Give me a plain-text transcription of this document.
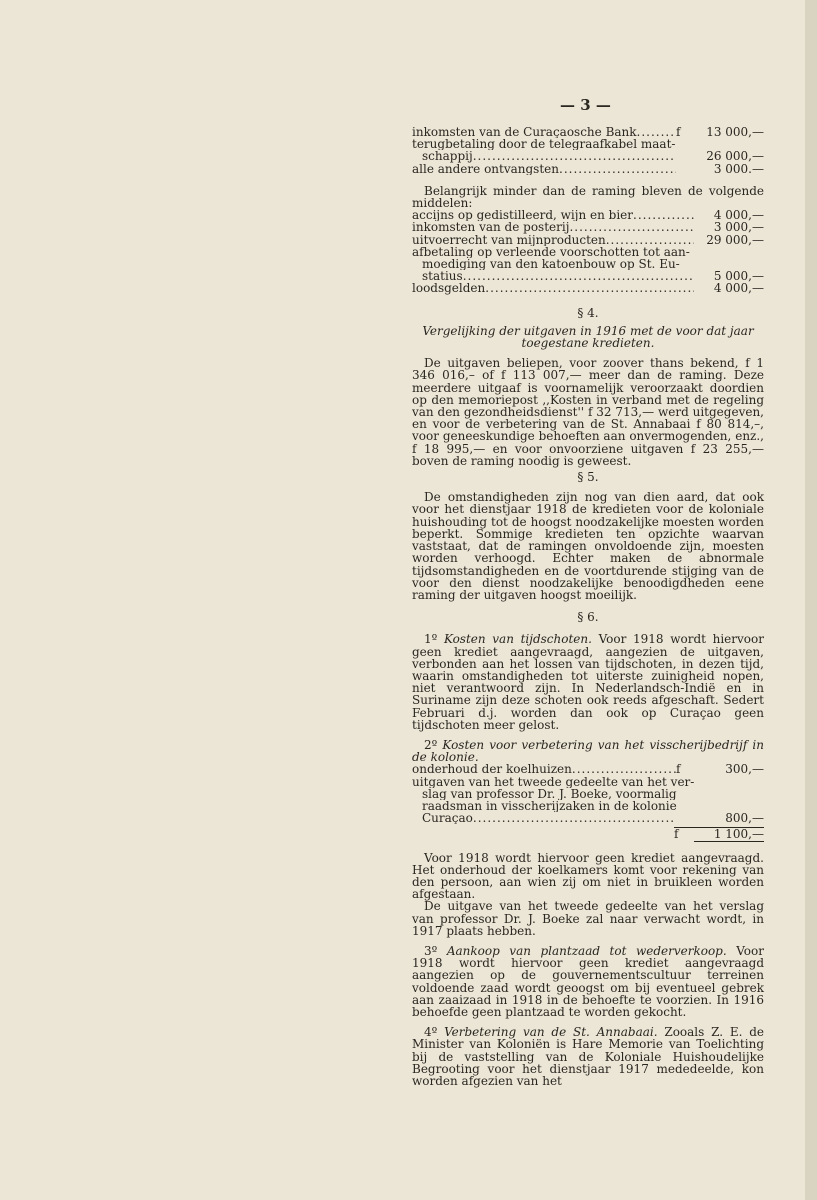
— 3 —
inkomsten van de Curaçaosche Bank .....	f	13 000,—
terugbetaling door de telegraafkabel maat-
schappij .....	26 000,—
alle andere ontvangsten .....	3 000.—

Belangrijk minder dan de raming bleven de volgende middelen:

accijns op gedistilleerd, wijn en bier .....	4 000,—
inkomsten van de posterij .....	3 000,—
uitvoerrecht van mijnproducten .....	29 000,—
afbetaling op verleende voorschotten tot aan-
moediging van den katoenbouw op St. Eu-
statius .....	5 000,—
loodsgelden .....	4 000,—
§ 4.
Vergelijking der uitgaven in 1916 met de voor dat jaar toegestane kredieten.

De uitgaven beliepen, voor zoover thans bekend, f 1 346 016,– of f 113 007,— meer dan de raming. Deze meerdere uitgaaf is voornamelijk veroorzaakt doordien op den memoriepost ,,Kosten in verband met de regeling van den gezondheidsdienst'' f 32 713,— werd uitgegeven, en voor de verbetering van de St. Annabaai f 80 814,–, voor geneeskundige behoeften aan onvermogenden, enz., f 18 995,— en voor onvoorziene uitgaven f 23 255,— boven de raming noodig is geweest.

§ 5.

De omstandigheden zijn nog van dien aard, dat ook voor het dienstjaar 1918 de kredieten voor de koloniale huishouding tot de hoogst noodzakelijke moesten worden beperkt. Sommige kredieten ten opzichte waarvan vaststaat, dat de ramingen onvoldoende zijn, moesten worden verhoogd. Echter maken de abnormale tijdsomstandigheden en de voortdurende stijging van de voor den dienst noodzakelijke benoodigdheden eene raming der uitgaven hoogst moeilijk.

§ 6.

1º Kosten van tijdschoten. Voor 1918 wordt hiervoor geen krediet aangevraagd, aangezien de uitgaven, verbonden aan het lossen van tijdschoten, in dezen tijd, waarin omstandigheden tot uiterste zuinigheid nopen, niet verantwoord zijn. In Nederlandsch-Indië en in Suriname zijn deze schoten ook reeds afgeschaft. Sedert Februari d.j. worden dan ook op Curaçao geen tijdschoten meer gelost.

2º Kosten voor verbetering van het visscherijbedrijf in de kolonie.

onderhoud der koelhuizen .....	f	300,—
uitgaven van het tweede gedeelte van het ver-
slag van professor Dr. J. Boeke, voormalig
raadsman in visscherijzaken in de kolonie
Curaçao .....	800,—
f	1 100,—

Voor 1918 wordt hiervoor geen krediet aangevraagd. Het onderhoud der koelkamers komt voor rekening van den persoon, aan wien zij om niet in bruikleen worden afgestaan.

De uitgave van het tweede gedeelte van het verslag van professor Dr. J. Boeke zal naar verwacht wordt, in 1917 plaats hebben.

3º Aankoop van plantzaad tot wederverkoop. Voor 1918 wordt hiervoor geen krediet aangevraagd aangezien op de gouvernementscultuur terreinen voldoende zaad wordt geoogst om bij eventueel gebrek aan zaaizaad in 1918 in de behoefte te voorzien. In 1916 behoefde geen plantzaad te worden gekocht.

4º Verbetering van de St. Annabaai. Zooals Z. E. de Minister van Koloniën is Hare Memorie van Toelichting bij de vaststelling van de Koloniale Huishoudelijke Begrooting voor het dienstjaar 1917 mededeelde, kon worden afgezien van het
